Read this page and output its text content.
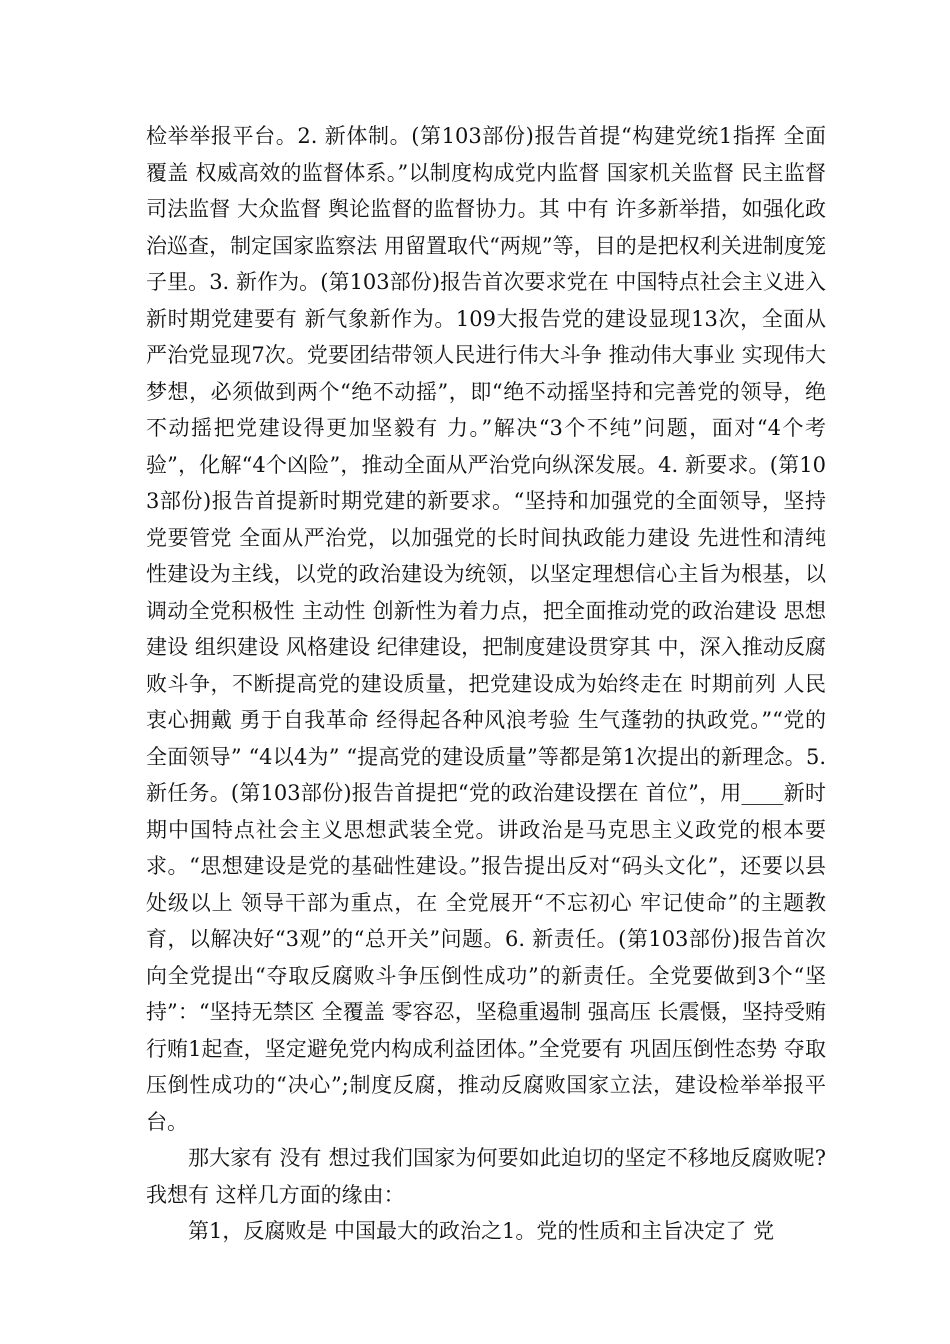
检举举报平台。2. 新体制。(第103部份)报告首提“构建党统1指挥 全面覆盖 权威高效的监督体系。”以制度构成党内监督 国家机关监督 民主监督 司法监督 大众监督 舆论监督的监督协力。其 中有 许多新举措，如强化政治巡查，制定国家监察法 用留置取代“两规”等，目的是把权利关进制度笼子里。3. 新作为。(第103部份)报告首次要求党在 中国特点社会主义进入新时期党建要有 新气象新作为。109大报告党的建设显现13次，全面从严治党显现7次。党要团结带领人民进行伟大斗争 推动伟大事业 实现伟大梦想，必须做到两个“绝不动摇”，即“绝不动摇坚持和完善党的领导，绝不动摇把党建设得更加坚毅有 力。”解决“3个不纯”问题，面对“4个考验”，化解“4个凶险”，推动全面从严治党向纵深发展。4. 新要求。(第103部份)报告首提新时期党建的新要求。“坚持和加强党的全面领导，坚持党要管党 全面从严治党，以加强党的长时间执政能力建设 先进性和清纯性建设为主线，以党的政治建设为统领，以坚定理想信心主旨为根基，以调动全党积极性 主动性 创新性为着力点，把全面推动党的政治建设 思想建设 组织建设 风格建设 纪律建设，把制度建设贯穿其 中，深入推动反腐败斗争，不断提高党的建设质量，把党建设成为始终走在 时期前列 人民衷心拥戴 勇于自我革命 经得起各种风浪考验 生气蓬勃的执政党。”“党的全面领导” “4以4为” “提高党的建设质量”等都是第1次提出的新理念。5. 新任务。(第103部份)报告首提把“党的政治建设摆在 首位”，用____新时期中国特点社会主义思想武装全党。讲政治是马克思主义政党的根本要求。“思想建设是党的基础性建设。”报告提出反对“码头文化”，还要以县处级以上 领导干部为重点，在 全党展开“不忘初心 牢记使命”的主题教育，以解决好“3观”的“总开关”问题。6. 新责任。(第103部份)报告首次向全党提出“夺取反腐败斗争压倒性成功”的新责任。全党要做到3个“坚持”：“坚持无禁区 全覆盖 零容忍，坚稳重遏制 强高压 长震慑，坚持受贿行贿1起查，坚定避免党内构成利益团体。”全党要有 巩固压倒性态势 夺取压倒性成功的“决心”;制度反腐，推动反腐败国家立法，建设检举举报平台。

那大家有 没有 想过我们国家为何要如此迫切的坚定不移地反腐败呢?我想有 这样几方面的缘由：

第1，反腐败是 中国最大的政治之1。党的性质和主旨决定了 党
